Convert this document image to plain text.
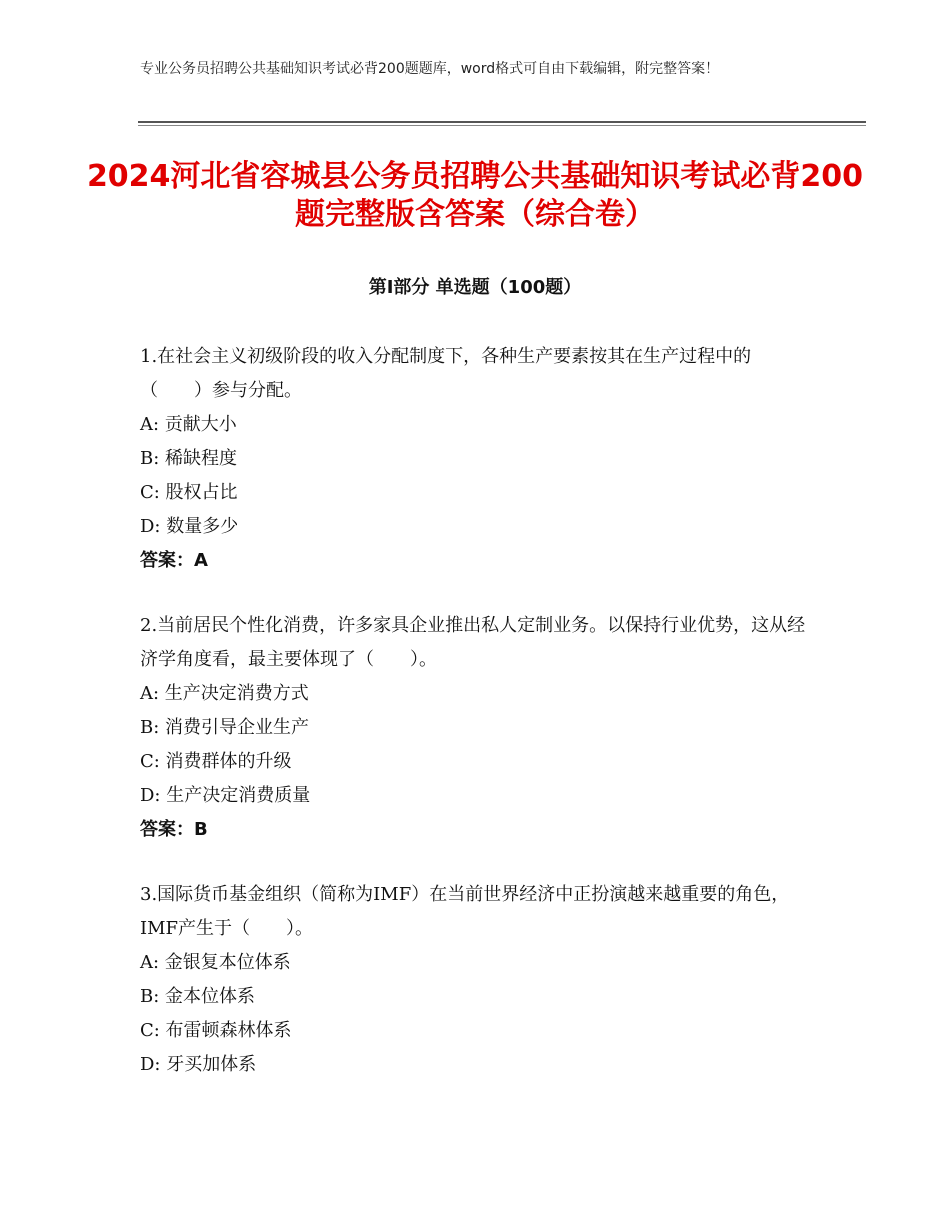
专业公务员招聘公共基础知识考试必背200题题库，word格式可自由下载编辑，附完整答案！
2024河北省容城县公务员招聘公共基础知识考试必背200题完整版含答案（综合卷）
第I部分 单选题（100题）

1.在社会主义初级阶段的收入分配制度下，各种生产要素按其在生产过程中的（　　）参与分配。

A: 贡献大小

B: 稀缺程度

C: 股权占比

D: 数量多少

答案：A

2.当前居民个性化消费，许多家具企业推出私人定制业务。以保持行业优势，这从经济学角度看，最主要体现了（　　）。

A: 生产决定消费方式

B: 消费引导企业生产

C: 消费群体的升级

D: 生产决定消费质量

答案：B

3.国际货币基金组织（简称为IMF）在当前世界经济中正扮演越来越重要的角色，IMF产生于（　　）。

A: 金银复本位体系

B: 金本位体系

C: 布雷顿森林体系

D: 牙买加体系
